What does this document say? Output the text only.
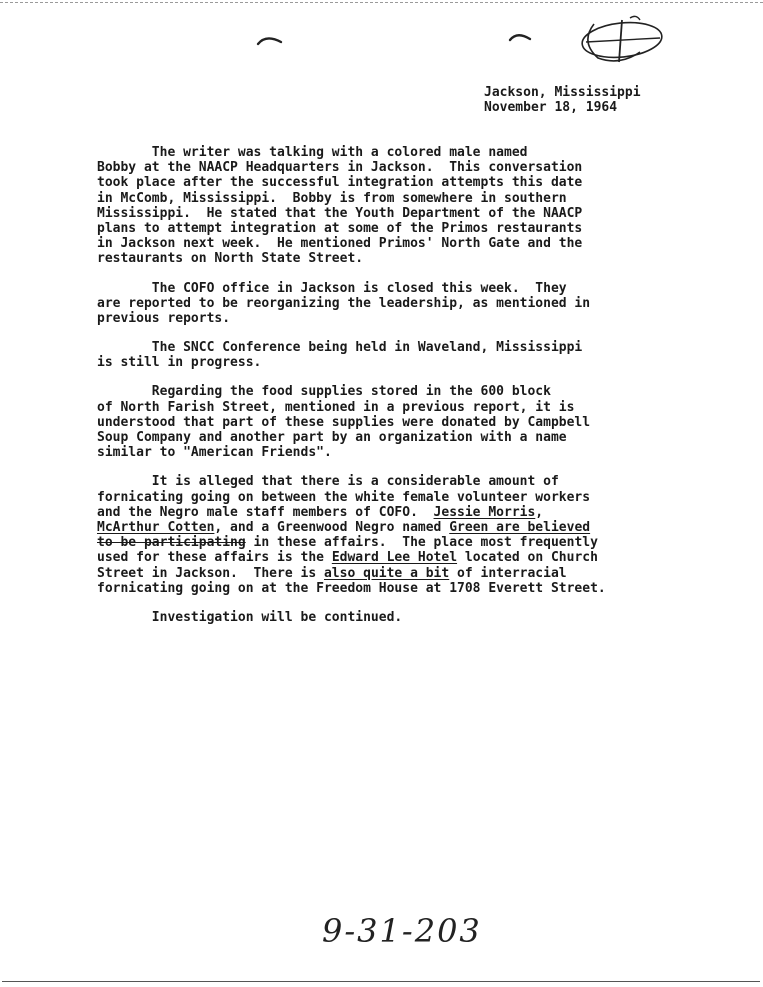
Jackson, Mississippi
November 18, 1964
The writer was talking with a colored male named
Bobby at the NAACP Headquarters in Jackson.  This conversation
took place after the successful integration attempts this date
in McComb, Mississippi.  Bobby is from somewhere in southern
Mississippi.  He stated that the Youth Department of the NAACP
plans to attempt integration at some of the Primos restaurants
in Jackson next week.  He mentioned Primos' North Gate and the
restaurants on North State Street.
The COFO office in Jackson is closed this week.  They
are reported to be reorganizing the leadership, as mentioned in
previous reports.
The SNCC Conference being held in Waveland, Mississippi
is still in progress.
Regarding the food supplies stored in the 600 block
of North Farish Street, mentioned in a previous report, it is
understood that part of these supplies were donated by Campbell
Soup Company and another part by an organization with a name
similar to "American Friends".
It is alleged that there is a considerable amount of
fornicating going on between the white female volunteer workers
and the Negro male staff members of COFO.  Jessie Morris,
McArthur Cotten, and a Greenwood Negro named Green are believed
to be participating in these affairs.  The place most frequently
used for these affairs is the Edward Lee Hotel located on Church
Street in Jackson.  There is also quite a bit of interracial
fornicating going on at the Freedom House at 1708 Everett Street.
Investigation will be continued.
9-31-203
